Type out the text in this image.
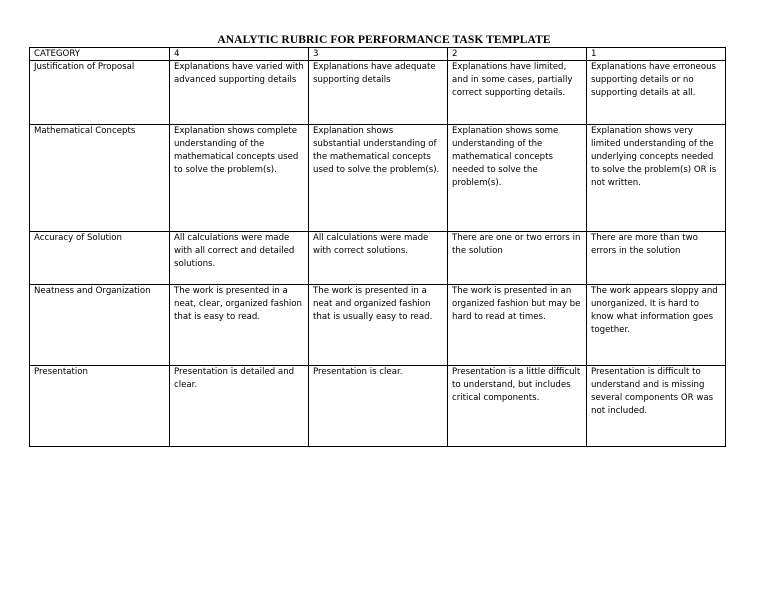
ANALYTIC RUBRIC FOR PERFORMANCE TASK TEMPLATE
CATEGORY	4	3	2	1
Justification of Proposal	Explanations have varied with advanced supporting details	Explanations have adequate supporting details	Explanations have limited, and in some cases, partially correct supporting details.	Explanations have erroneous supporting details or no supporting details at all.
Mathematical Concepts	Explanation shows complete understanding of the mathematical concepts used to solve the problem(s).	Explanation shows substantial understanding of the mathematical concepts used to solve the problem(s).	Explanation shows some understanding of the mathematical concepts needed to solve the problem(s).	Explanation shows very limited understanding of the underlying concepts needed to solve the problem(s) OR is not written.
Accuracy of Solution	All calculations were made with all correct and detailed solutions.	All calculations were made with correct solutions.	There are one or two errors in the solution	There are more than two errors in the solution
Neatness and Organization	The work is presented in a neat, clear, organized fashion that is easy to read.	The work is presented in a neat and organized fashion that is usually easy to read.	The work is presented in an organized fashion but may be hard to read at times.	The work appears sloppy and unorganized. It is hard to know what information goes together.
Presentation	Presentation is detailed and clear.	Presentation is clear.	Presentation is a little difficult to understand, but includes critical components.	Presentation is difficult to understand and is missing several components OR was not included.
